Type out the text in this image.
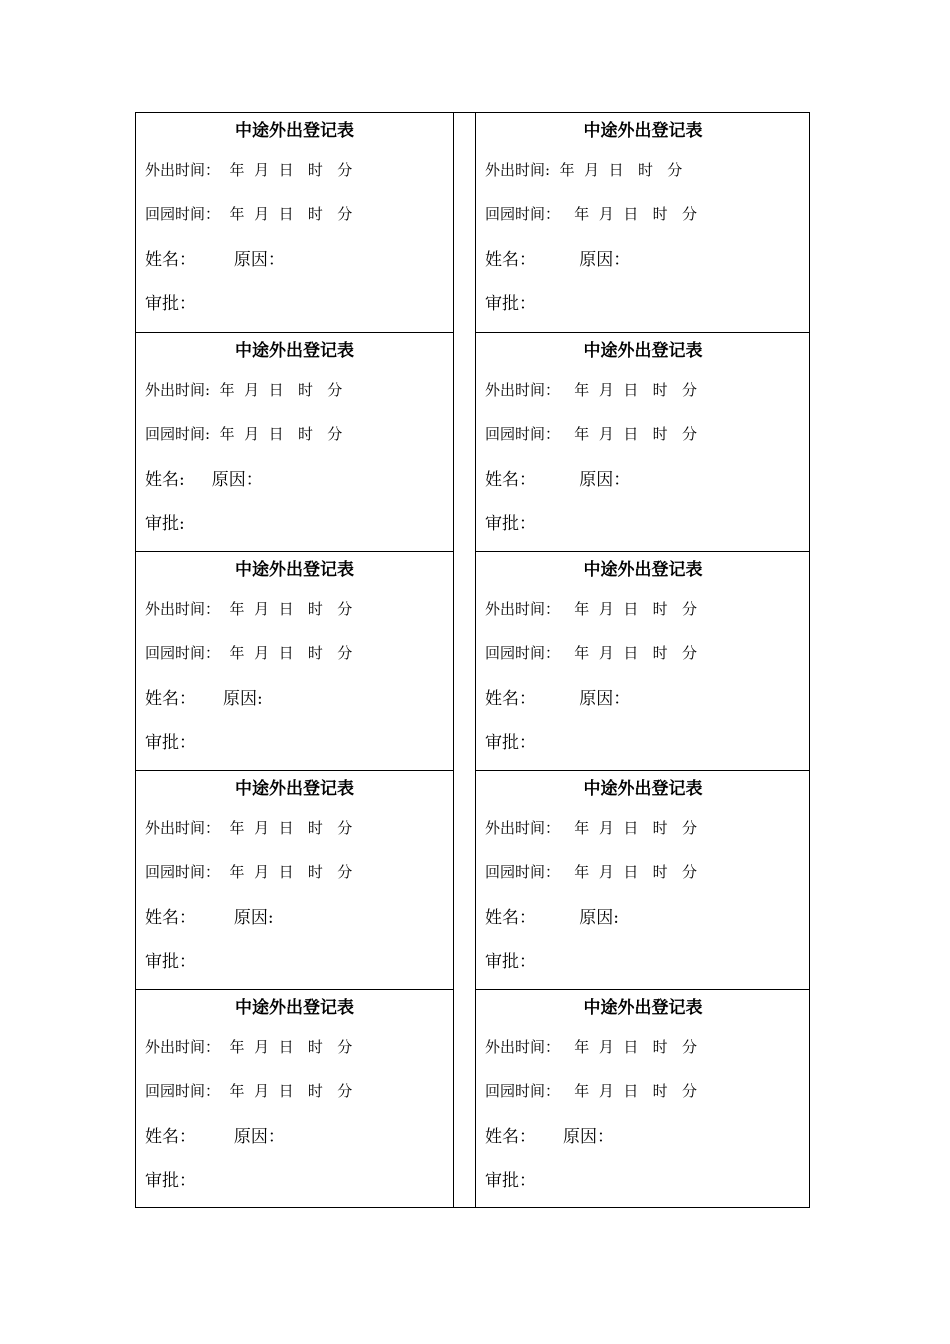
中途外出登记表
外出时间：  年  月  日   时   分
回园时间：  年  月  日   时   分
姓名：       原因：
审批：
中途外出登记表
外出时间:  年  月  日   时   分
回园时间：   年  月  日   时   分
姓名：        原因：
审批：
中途外出登记表
外出时间:  年  月  日   时   分
回园时间:  年  月  日   时   分
姓名:     原因：
审批:
中途外出登记表
外出时间：   年  月  日   时   分
回园时间：   年  月  日   时   分
姓名：        原因：
审批：
中途外出登记表
外出时间：  年  月  日   时   分
回园时间：  年  月  日   时   分
姓名：     原因:
审批：
中途外出登记表
外出时间：   年  月  日   时   分
回园时间：   年  月  日   时   分
姓名：        原因：
审批：
中途外出登记表
外出时间：  年  月  日   时   分
回园时间：  年  月  日   时   分
姓名：       原因:
审批：
中途外出登记表
外出时间：   年  月  日   时   分
回园时间：   年  月  日   时   分
姓名：        原因:
审批：
中途外出登记表
外出时间：  年  月  日   时   分
回园时间：  年  月  日   时   分
姓名：       原因：
审批：
中途外出登记表
外出时间：   年  月  日   时   分
回园时间：   年  月  日   时   分
姓名：     原因：
审批：
